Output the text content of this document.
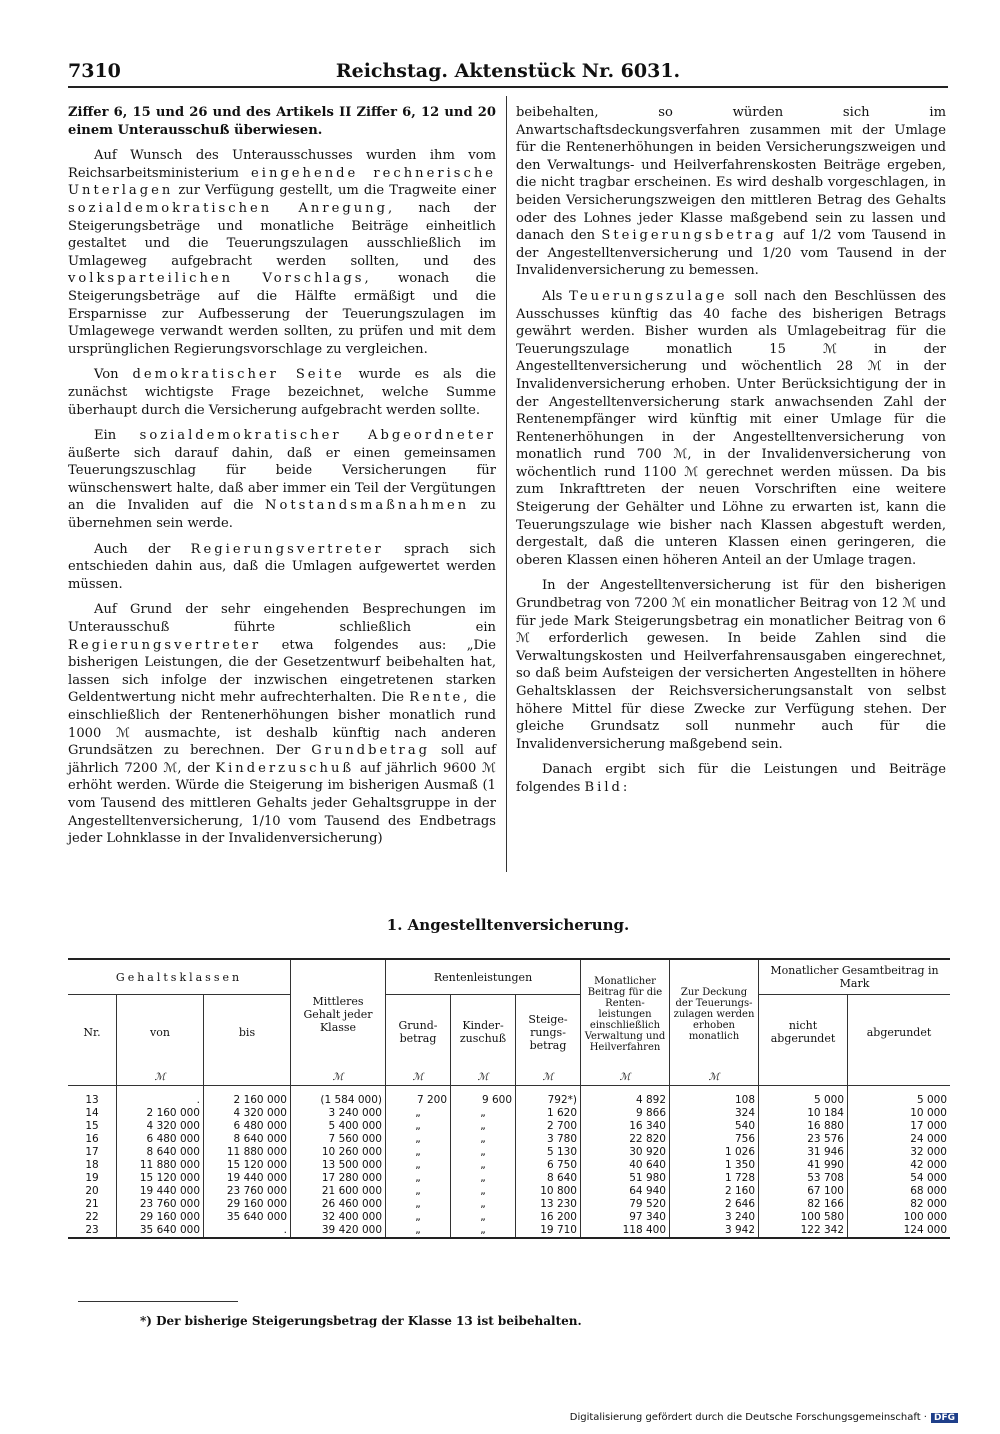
7310	Reichstag. Aktenstück Nr. 6031.

Ziffer 6, 15 und 26 und des Artikels II Ziffer 6, 12 und 20 einem Unterausschuß überwiesen.

Auf Wunsch des Unterausschusses wurden ihm vom Reichsarbeitsministerium eingehende rechnerische Unterlagen zur Verfügung gestellt, um die Tragweite einer sozialdemokratischen Anregung, nach der Steigerungsbeträge und monatliche Beiträge einheitlich gestaltet und die Teuerungszulagen ausschließlich im Umlageweg aufgebracht werden sollten, und des volksparteilichen Vorschlags, wonach die Steigerungsbeträge auf die Hälfte ermäßigt und die Ersparnisse zur Aufbesserung der Teuerungszulagen im Umlagewege verwandt werden sollten, zu prüfen und mit dem ursprünglichen Regierungsvorschlage zu vergleichen.

Von demokratischer Seite wurde es als die zunächst wichtigste Frage bezeichnet, welche Summe überhaupt durch die Versicherung aufgebracht werden sollte.

Ein sozialdemokratischer Abgeordneter äußerte sich darauf dahin, daß er einen gemeinsamen Teuerungszuschlag für beide Versicherungen für wünschenswert halte, daß aber immer ein Teil der Vergütungen an die Invaliden auf die Notstandsmaßnahmen zu übernehmen sein werde.

Auch der Regierungsvertreter sprach sich entschieden dahin aus, daß die Umlagen aufgewertet werden müssen.

Auf Grund der sehr eingehenden Besprechungen im Unterausschuß führte schließlich ein Regierungsvertreter etwa folgendes aus: „Die bisherigen Leistungen, die der Gesetzentwurf beibehalten hat, lassen sich infolge der inzwischen eingetretenen starken Geldentwertung nicht mehr aufrechterhalten. Die Rente, die einschließlich der Rentenerhöhungen bisher monatlich rund 1000 ℳ ausmachte, ist deshalb künftig nach anderen Grundsätzen zu berechnen. Der Grundbetrag soll auf jährlich 7200 ℳ, der Kinderzuschuß auf jährlich 9600 ℳ erhöht werden. Würde die Steigerung im bisherigen Ausmaß (1 vom Tausend des mittleren Gehalts jeder Gehaltsgruppe in der Angestelltenversicherung, 1/10 vom Tausend des Endbetrags jeder Lohnklasse in der Invalidenversicherung)

beibehalten, so würden sich im Anwartschaftsdeckungsverfahren zusammen mit der Umlage für die Rentenerhöhungen in beiden Versicherungszweigen und den Verwaltungs- und Heilverfahrenskosten Beiträge ergeben, die nicht tragbar erscheinen. Es wird deshalb vorgeschlagen, in beiden Versicherungszweigen den mittleren Betrag des Gehalts oder des Lohnes jeder Klasse maßgebend sein zu lassen und danach den Steigerungsbetrag auf 1/2 vom Tausend in der Angestelltenversicherung und 1/20 vom Tausend in der Invalidenversicherung zu bemessen.

Als Teuerungszulage soll nach den Beschlüssen des Ausschusses künftig das 40 fache des bisherigen Betrags gewährt werden. Bisher wurden als Umlagebeitrag für die Teuerungszulage monatlich 15 ℳ in der Angestelltenversicherung und wöchentlich 28 ℳ in der Invalidenversicherung erhoben. Unter Berücksichtigung der in der Angestelltenversicherung stark anwachsenden Zahl der Rentenempfänger wird künftig mit einer Umlage für die Rentenerhöhungen in der Angestelltenversicherung von monatlich rund 700 ℳ, in der Invalidenversicherung von wöchentlich rund 1100 ℳ gerechnet werden müssen. Da bis zum Inkrafttreten der neuen Vorschriften eine weitere Steigerung der Gehälter und Löhne zu erwarten ist, kann die Teuerungszulage wie bisher nach Klassen abgestuft werden, dergestalt, daß die unteren Klassen einen geringeren, die oberen Klassen einen höheren Anteil an der Umlage tragen.

In der Angestelltenversicherung ist für den bisherigen Grundbetrag von 7200 ℳ ein monatlicher Beitrag von 12 ℳ und für jede Mark Steigerungsbetrag ein monatlicher Beitrag von 6 ℳ erforderlich gewesen. In beide Zahlen sind die Verwaltungskosten und Heilverfahrensausgaben eingerechnet, so daß beim Aufsteigen der versicherten Angestellten in höhere Gehaltsklassen der Reichsversicherungsanstalt von selbst höhere Mittel für diese Zwecke zur Verfügung stehen. Der gleiche Grundsatz soll nunmehr auch für die Invalidenversicherung maßgebend sein.

Danach ergibt sich für die Leistungen und Beiträge folgendes Bild:

1. Angestelltenversicherung.
Gehaltsklassen			Mittleres Gehalt jeder Klasse	Rentenleistungen			Monatlicher Beitrag für die Renten-leistungen einschließlich Verwaltung und Heilverfahren	Zur Deckung der Teuerungs-zulagen werden erhoben monatlich	Monatlicher Gesamtbeitrag in Mark	
Nr.	von	bis		Grund-betrag	Kinder-zuschuß	Steige-rungs-betrag			nicht abgerundet	abgerundet
	ℳ		ℳ	ℳ	ℳ	ℳ	ℳ	ℳ		

13	.	2 160 000	(1 584 000)	7 200	9 600	792*)	4 892	108	5 000	5 000
14	2 160 000	4 320 000	3 240 000	„	„	1 620	9 866	324	10 184	10 000
15	4 320 000	6 480 000	5 400 000	„	„	2 700	16 340	540	16 880	17 000
16	6 480 000	8 640 000	7 560 000	„	„	3 780	22 820	756	23 576	24 000
17	8 640 000	11 880 000	10 260 000	„	„	5 130	30 920	1 026	31 946	32 000
18	11 880 000	15 120 000	13 500 000	„	„	6 750	40 640	1 350	41 990	42 000
19	15 120 000	19 440 000	17 280 000	„	„	8 640	51 980	1 728	53 708	54 000
20	19 440 000	23 760 000	21 600 000	„	„	10 800	64 940	2 160	67 100	68 000
21	23 760 000	29 160 000	26 460 000	„	„	13 230	79 520	2 646	82 166	82 000
22	29 160 000	35 640 000	32 400 000	„	„	16 200	97 340	3 240	100 580	100 000
23	35 640 000	.	39 420 000	„	„	19 710	118 400	3 942	122 342	124 000
*) Der bisherige Steigerungsbetrag der Klasse 13 ist beibehalten.
Digitalisierung gefördert durch die Deutsche Forschungsgemeinschaft · DFG
